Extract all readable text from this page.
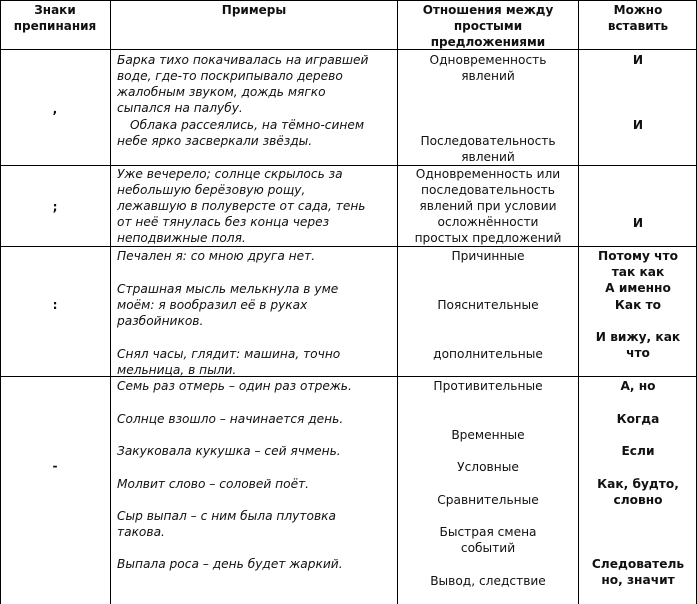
Знаки
препинания
Примеры	Отношения между
простыми
предложениями
Можно
вставить
,
Барка тихо покачивалась на игравшей
воде, где-то поскрипывало дерево
жалобным звуком, дождь мягко
сыпался на палубу.
Облака рассеялись, на тёмно-синем
небе ярко засверкали звёзды.
Одновременность
явлений
Последовательность
явлений
И
И
;
Уже вечерело; солнце скрылось за
небольшую берёзовую рощу,
лежавшую в полуверсте от сада, тень
от неё тянулась без конца через
неподвижные поля.
Одновременность или
последовательность
явлений при условии
осложнённости
простых предложений
И
:
Печален я: со мною друга нет.
Страшная мысль мелькнула в уме
моём: я вообразил её в руках
разбойников.
Снял часы, глядит: машина, точно
мельница, в пыли.
Причинные
Пояснительные
дополнительные
Потому что
так как
А именно
Как то
И вижу, как
что
-
Семь раз отмерь – один раз отрежь.
Солнце взошло – начинается день.
Закуковала кукушка – сей ячмень.
Молвит слово – соловей поёт.
Сыр выпал – с ним была плутовка
такова.
Выпала роса – день будет жаркий.
Противительные
Временные
Условные
Сравнительные
Быстрая смена
событий
Вывод, следствие
А, но
Когда
Если
Как, будто,
словно
Следователь
но, значит
